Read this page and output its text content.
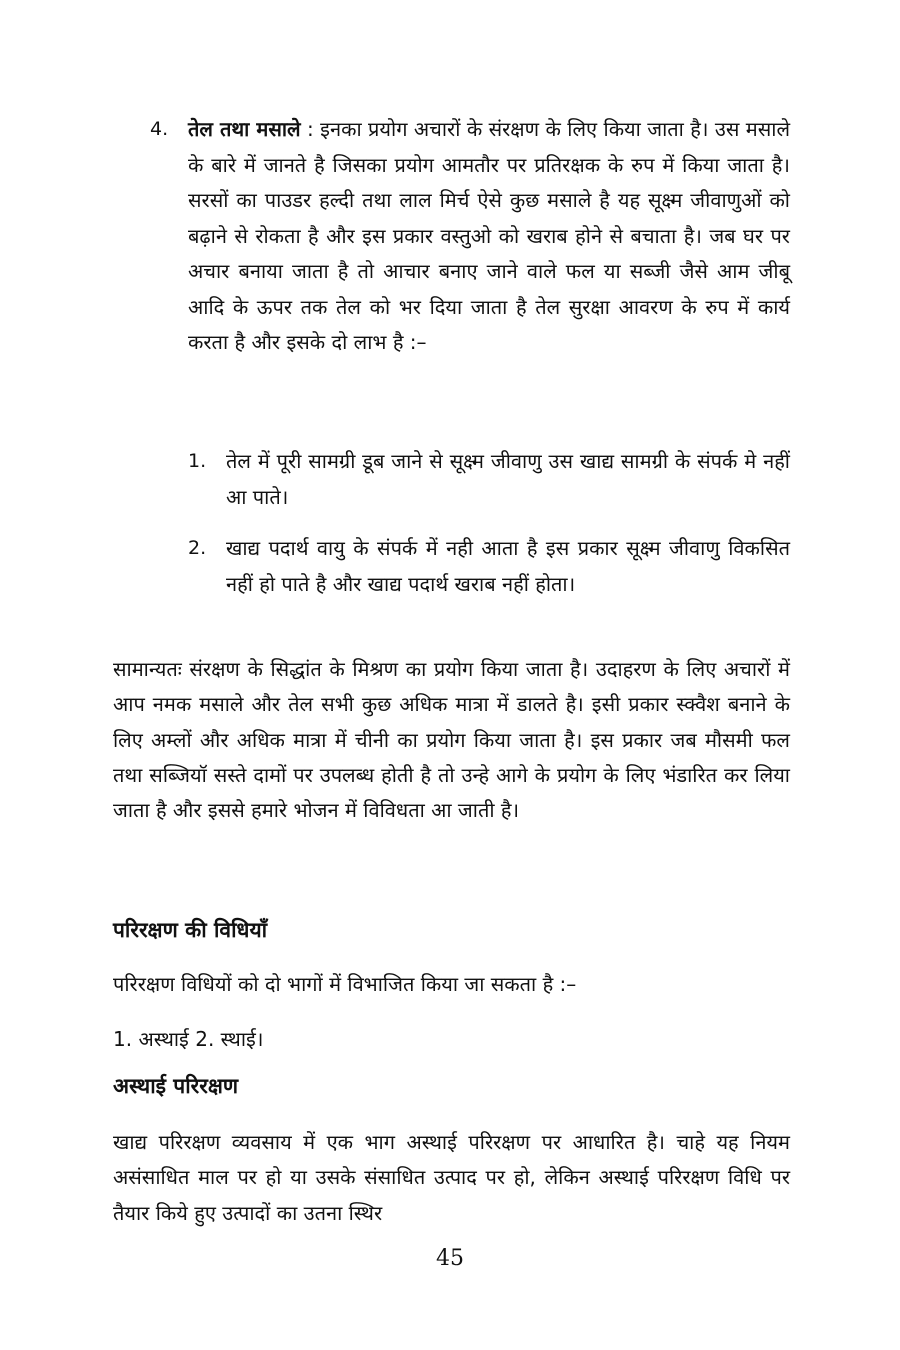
4. तेल तथा मसाले : इनका प्रयोग अचारों के संरक्षण के लिए किया जाता है। उस मसाले के बारे में जानते है जिसका प्रयोग आमतौर पर प्रतिरक्षक के रुप में किया जाता है। सरसों का पाउडर हल्दी तथा लाल मिर्च ऐसे कुछ मसाले है यह सूक्ष्म जीवाणुओं को बढ़ाने से रोकता है और इस प्रकार वस्तुओ को खराब होने से बचाता है। जब घर पर अचार बनाया जाता है तो आचार बनाए जाने वाले फल या सब्जी जैसे आम जीबू आदि के ऊपर तक तेल को भर दिया जाता है तेल सुरक्षा आवरण के रुप में कार्य करता है और इसके दो लाभ है :–
1. तेल में पूरी सामग्री डूब जाने से सूक्ष्म जीवाणु उस खाद्य सामग्री के संपर्क मे नहीं आ पाते।
2. खाद्य पदार्थ वायु के संपर्क में नही आता है इस प्रकार सूक्ष्म जीवाणु विकसित नहीं हो पाते है और खाद्य पदार्थ खराब नहीं होता।

सामान्यतः संरक्षण के सिद्धांत के मिश्रण का प्रयोग किया जाता है। उदाहरण के लिए अचारों में आप नमक मसाले और तेल सभी कुछ अधिक मात्रा में डालते है। इसी प्रकार स्क्वैश बनाने के लिए अम्लों और अधिक मात्रा में चीनी का प्रयोग किया जाता है। इस प्रकार जब मौसमी फल तथा सब्जियॉ सस्ते दामों पर उपलब्ध होती है तो उन्हे आगे के प्रयोग के लिए भंडारित कर लिया जाता है और इससे हमारे भोजन में विविधता आ जाती है।

परिरक्षण की विधियाँ

परिरक्षण विधियों को दो भागों में विभाजित किया जा सकता है :–

1. अस्थाई 2. स्थाई।

अस्थाई परिरक्षण

खाद्य परिरक्षण व्यवसाय में एक भाग अस्थाई परिरक्षण पर आधारित है। चाहे यह नियम असंसाधित माल पर हो या उसके संसाधित उत्पाद पर हो, लेकिन अस्थाई परिरक्षण विधि पर तैयार किये हुए उत्पादों का उतना स्थिर

45
